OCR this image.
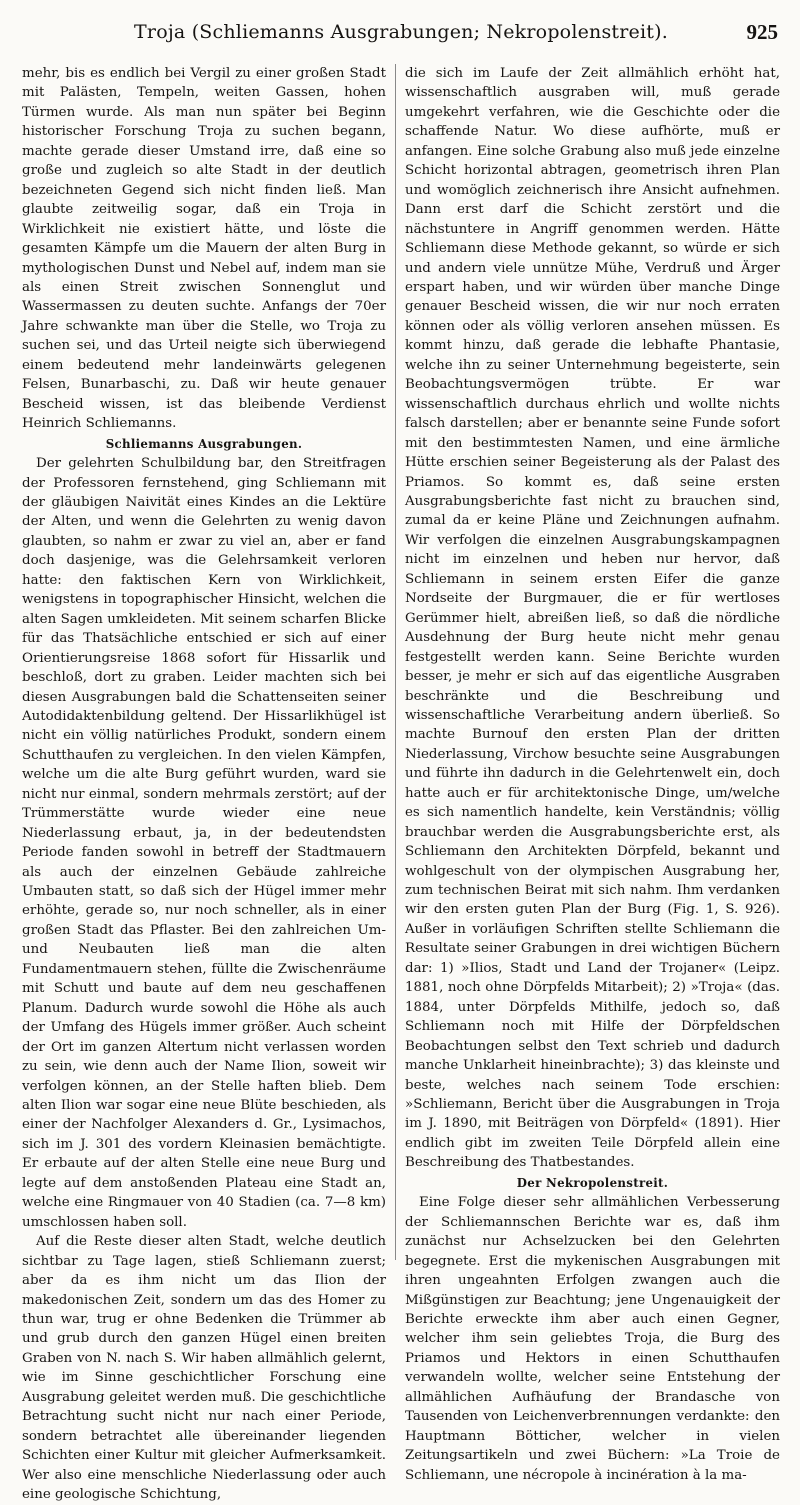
Troja (Schliemanns Ausgrabungen; Nekropolenstreit).	925

mehr, bis es endlich bei Vergil zu einer großen Stadt mit Palästen, Tempeln, weiten Gassen, hohen Türmen wurde. Als man nun später bei Beginn historischer Forschung Troja zu suchen begann, machte gerade dieser Umstand irre, daß eine so große und zugleich so alte Stadt in der deutlich bezeichneten Gegend sich nicht finden ließ. Man glaubte zeitweilig sogar, daß ein Troja in Wirklichkeit nie existiert hätte, und löste die gesamten Kämpfe um die Mauern der alten Burg in mythologischen Dunst und Nebel auf, indem man sie als einen Streit zwischen Sonnenglut und Wassermassen zu deuten suchte. Anfangs der 70er Jahre schwankte man über die Stelle, wo Troja zu suchen sei, und das Urteil neigte sich überwiegend einem bedeutend mehr landeinwärts gelegenen Felsen, Bunarbaschi, zu. Daß wir heute genauer Bescheid wissen, ist das bleibende Verdienst Heinrich Schliemanns.

Schliemanns Ausgrabungen.

Der gelehrten Schulbildung bar, den Streitfragen der Professoren fernstehend, ging Schliemann mit der gläubigen Naivität eines Kindes an die Lektüre der Alten, und wenn die Gelehrten zu wenig davon glaubten, so nahm er zwar zu viel an, aber er fand doch dasjenige, was die Gelehrsamkeit verloren hatte: den faktischen Kern von Wirklichkeit, wenigstens in topographischer Hinsicht, welchen die alten Sagen umkleideten. Mit seinem scharfen Blicke für das Thatsächliche entschied er sich auf einer Orientierungsreise 1868 sofort für Hissarlik und beschloß, dort zu graben. Leider machten sich bei diesen Ausgrabungen bald die Schattenseiten seiner Autodidaktenbildung geltend. Der Hissarlikhügel ist nicht ein völlig natürliches Produkt, sondern einem Schutthaufen zu vergleichen. In den vielen Kämpfen, welche um die alte Burg geführt wurden, ward sie nicht nur einmal, sondern mehrmals zerstört; auf der Trümmerstätte wurde wieder eine neue Niederlassung erbaut, ja, in der bedeutendsten Periode fanden sowohl in betreff der Stadtmauern als auch der einzelnen Gebäude zahlreiche Umbauten statt, so daß sich der Hügel immer mehr erhöhte, gerade so, nur noch schneller, als in einer großen Stadt das Pflaster. Bei den zahlreichen Um- und Neubauten ließ man die alten Fundamentmauern stehen, füllte die Zwischenräume mit Schutt und baute auf dem neu geschaffenen Planum. Dadurch wurde sowohl die Höhe als auch der Umfang des Hügels immer größer. Auch scheint der Ort im ganzen Altertum nicht verlassen worden zu sein, wie denn auch der Name Ilion, soweit wir verfolgen können, an der Stelle haften blieb. Dem alten Ilion war sogar eine neue Blüte beschieden, als einer der Nachfolger Alexanders d. Gr., Lysimachos, sich im J. 301 des vordern Kleinasien bemächtigte. Er erbaute auf der alten Stelle eine neue Burg und legte auf dem anstoßenden Plateau eine Stadt an, welche eine Ringmauer von 40 Stadien (ca. 7—8 km) umschlossen haben soll.

Auf die Reste dieser alten Stadt, welche deutlich sichtbar zu Tage lagen, stieß Schliemann zuerst; aber da es ihm nicht um das Ilion der makedonischen Zeit, sondern um das des Homer zu thun war, trug er ohne Bedenken die Trümmer ab und grub durch den ganzen Hügel einen breiten Graben von N. nach S. Wir haben allmählich gelernt, wie im Sinne geschichtlicher Forschung eine Ausgrabung geleitet werden muß. Die geschichtliche Betrachtung sucht nicht nur nach einer Periode, sondern betrachtet alle übereinander liegenden Schichten einer Kultur mit gleicher Aufmerksamkeit. Wer also eine menschliche Niederlassung oder auch eine geologische Schichtung,

die sich im Laufe der Zeit allmählich erhöht hat, wissenschaftlich ausgraben will, muß gerade umgekehrt verfahren, wie die Geschichte oder die schaffende Natur. Wo diese aufhörte, muß er anfangen. Eine solche Grabung also muß jede einzelne Schicht horizontal abtragen, geometrisch ihren Plan und womöglich zeichnerisch ihre Ansicht aufnehmen. Dann erst darf die Schicht zerstört und die nächstuntere in Angriff genommen werden. Hätte Schliemann diese Methode gekannt, so würde er sich und andern viele unnütze Mühe, Verdruß und Ärger erspart haben, und wir würden über manche Dinge genauer Bescheid wissen, die wir nur noch erraten können oder als völlig verloren ansehen müssen. Es kommt hinzu, daß gerade die lebhafte Phantasie, welche ihn zu seiner Unternehmung begeisterte, sein Beobachtungsvermögen trübte. Er war wissenschaftlich durchaus ehrlich und wollte nichts falsch darstellen; aber er benannte seine Funde sofort mit den bestimmtesten Namen, und eine ärmliche Hütte erschien seiner Begeisterung als der Palast des Priamos. So kommt es, daß seine ersten Ausgrabungsberichte fast nicht zu brauchen sind, zumal da er keine Pläne und Zeichnungen aufnahm. Wir verfolgen die einzelnen Ausgrabungskampagnen nicht im einzelnen und heben nur hervor, daß Schliemann in seinem ersten Eifer die ganze Nordseite der Burgmauer, die er für wertloses Gerümmer hielt, abreißen ließ, so daß die nördliche Ausdehnung der Burg heute nicht mehr genau festgestellt werden kann. Seine Berichte wurden besser, je mehr er sich auf das eigentliche Ausgraben beschränkte und die Beschreibung und wissenschaftliche Verarbeitung andern überließ. So machte Burnouf den ersten Plan der dritten Niederlassung, Virchow besuchte seine Ausgrabungen und führte ihn dadurch in die Gelehrtenwelt ein, doch hatte auch er für architektonische Dinge, um/welche es sich namentlich handelte, kein Verständnis; völlig brauchbar werden die Ausgrabungsberichte erst, als Schliemann den Architekten Dörpfeld, bekannt und wohlgeschult von der olympischen Ausgrabung her, zum technischen Beirat mit sich nahm. Ihm verdanken wir den ersten guten Plan der Burg (Fig. 1, S. 926). Außer in vorläufigen Schriften stellte Schliemann die Resultate seiner Grabungen in drei wichtigen Büchern dar: 1) »Ilios, Stadt und Land der Trojaner« (Leipz. 1881, noch ohne Dörpfelds Mitarbeit); 2) »Troja« (das. 1884, unter Dörpfelds Mithilfe, jedoch so, daß Schliemann noch mit Hilfe der Dörpfeldschen Beobachtungen selbst den Text schrieb und dadurch manche Unklarheit hineinbrachte); 3) das kleinste und beste, welches nach seinem Tode erschien: »Schliemann, Bericht über die Ausgrabungen in Troja im J. 1890, mit Beiträgen von Dörpfeld« (1891). Hier endlich gibt im zweiten Teile Dörpfeld allein eine Beschreibung des Thatbestandes.

Der Nekropolenstreit.

Eine Folge dieser sehr allmählichen Verbesserung der Schliemannschen Berichte war es, daß ihm zunächst nur Achselzucken bei den Gelehrten begegnete. Erst die mykenischen Ausgrabungen mit ihren ungeahnten Erfolgen zwangen auch die Mißgünstigen zur Beachtung; jene Ungenauigkeit der Berichte erweckte ihm aber auch einen Gegner, welcher ihm sein geliebtes Troja, die Burg des Priamos und Hektors in einen Schutthaufen verwandeln wollte, welcher seine Entstehung der allmählichen Aufhäufung der Brandasche von Tausenden von Leichenverbrennungen verdankte: den Hauptmann Bötticher, welcher in vielen Zeitungsartikeln und zwei Büchern: »La Troie de Schliemann, une nécropole à incinération à la ma-
